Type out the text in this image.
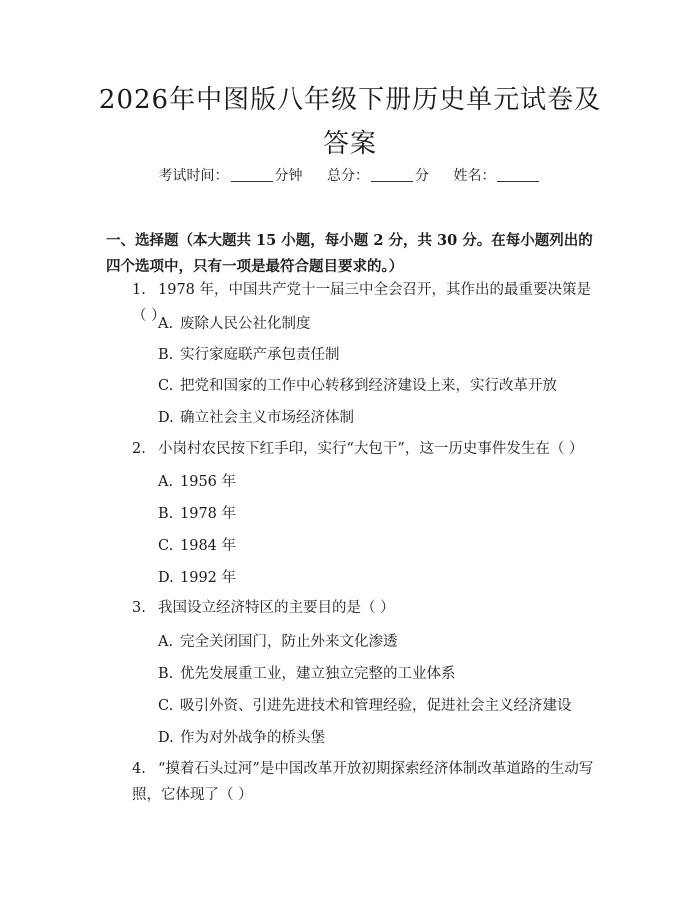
2026年中图版八年级下册历史单元试卷及答案
考试时间：	分钟 总分：	分 姓名：

一、选择题（本大题共 15 小题，每小题 2 分，共 30 分。在每小题列出的四个选项中，只有一项是最符合题目要求的。）

1. 1978 年，中国共产党十一届三中全会召开，其作出的最重要决策是（ ）
A. 废除人民公社化制度
B. 实行家庭联产承包责任制
C. 把党和国家的工作中心转移到经济建设上来，实行改革开放
D. 确立社会主义市场经济体制
2. 小岗村农民按下红手印，实行“大包干”，这一历史事件发生在（ ）
A. 1956 年
B. 1978 年
C. 1984 年
D. 1992 年
3. 我国设立经济特区的主要目的是（ ）
A. 完全关闭国门，防止外来文化渗透
B. 优先发展重工业，建立独立完整的工业体系
C. 吸引外资、引进先进技术和管理经验，促进社会主义经济建设
D. 作为对外战争的桥头堡
4. “摸着石头过河”是中国改革开放初期探索经济体制改革道路的生动写照，它体现了（ ）
